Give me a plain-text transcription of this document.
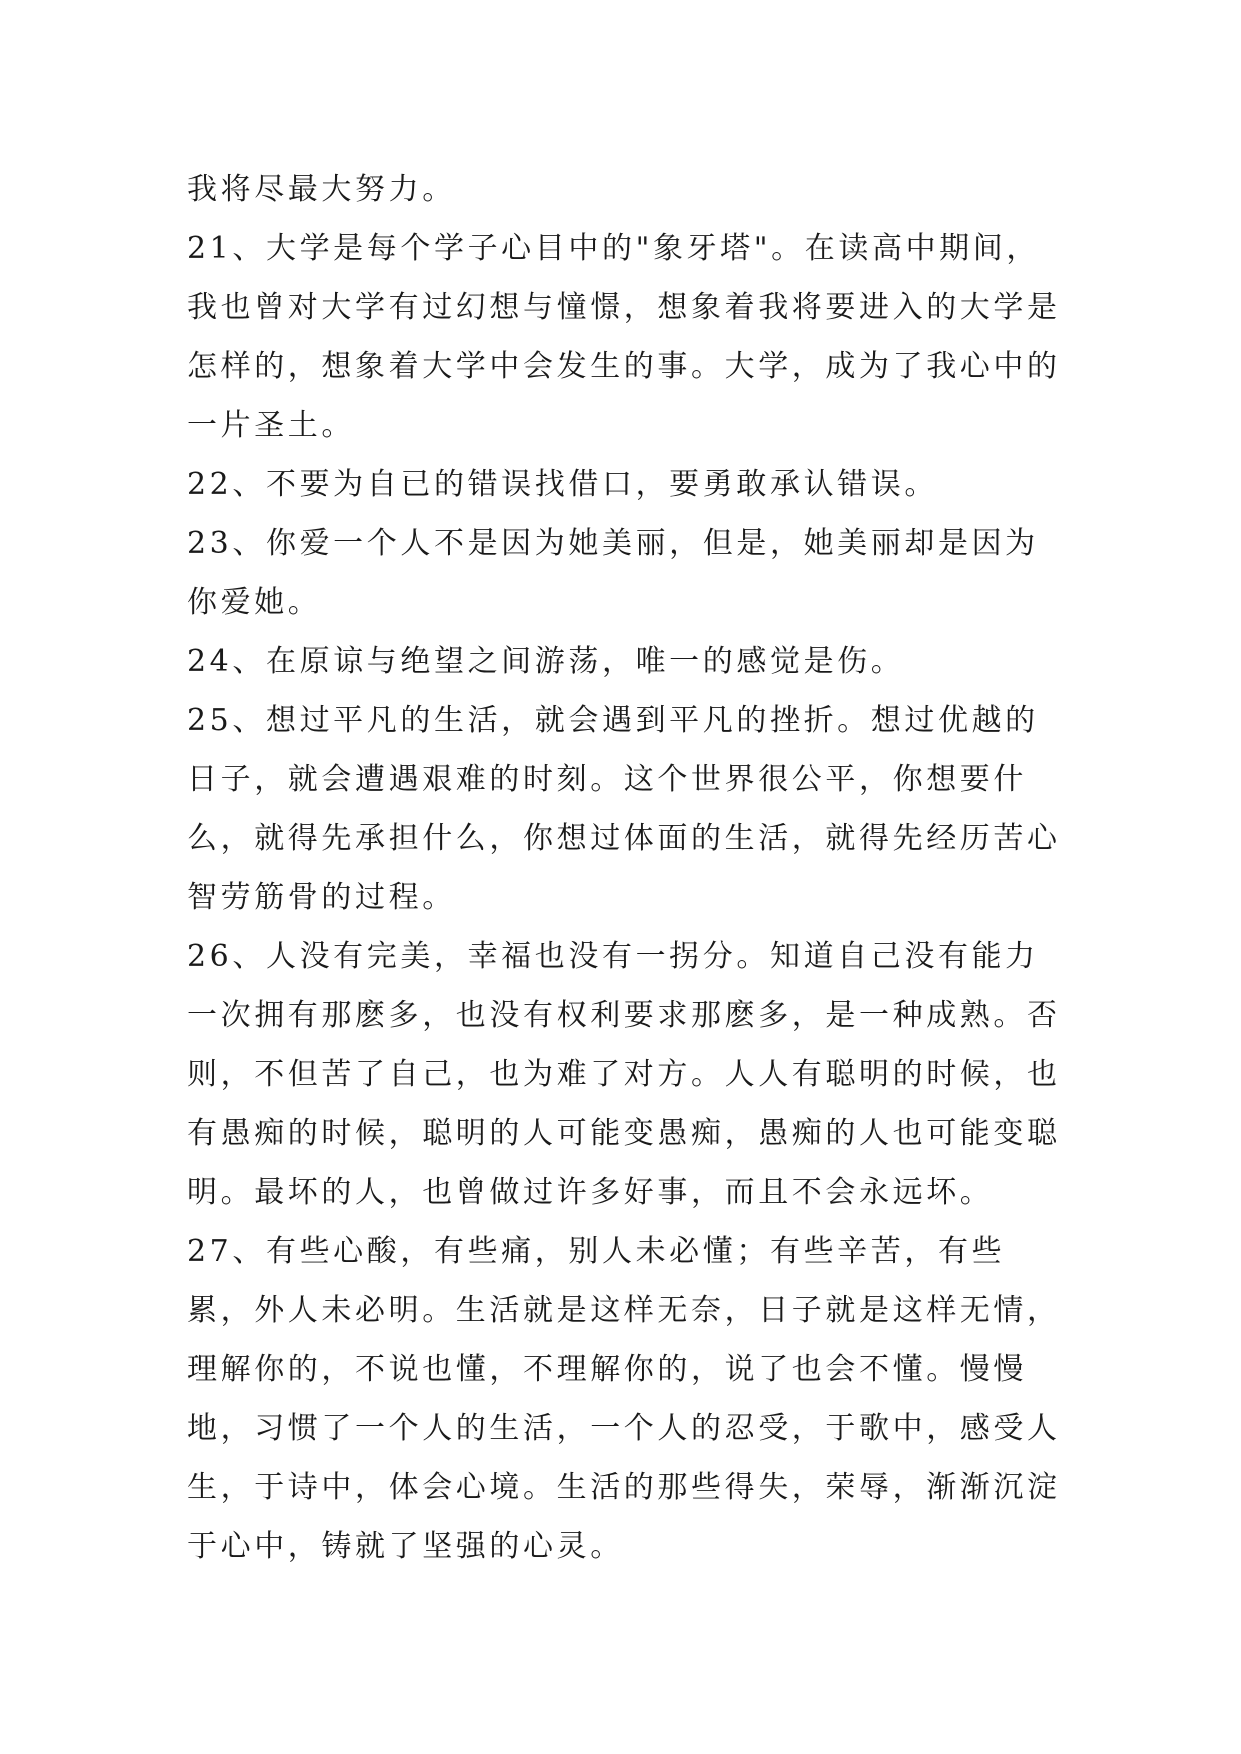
我将尽最大努力。

21、大学是每个学子心目中的"象牙塔"。在读高中期间，我也曾对大学有过幻想与憧憬，想象着我将要进入的大学是怎样的，想象着大学中会发生的事。大学，成为了我心中的一片圣土。

22、不要为自已的错误找借口，要勇敢承认错误。

23、你爱一个人不是因为她美丽，但是，她美丽却是因为你爱她。

24、在原谅与绝望之间游荡，唯一的感觉是伤。

25、想过平凡的生活，就会遇到平凡的挫折。想过优越的日子，就会遭遇艰难的时刻。这个世界很公平，你想要什么，就得先承担什么，你想过体面的生活，就得先经历苦心智劳筋骨的过程。

26、人没有完美，幸福也没有一拐分。知道自己没有能力一次拥有那麽多，也没有权利要求那麽多，是一种成熟。否则，不但苦了自己，也为难了对方。人人有聪明的时候，也有愚痴的时候，聪明的人可能变愚痴，愚痴的人也可能变聪明。最坏的人，也曾做过许多好事，而且不会永远坏。

27、有些心酸，有些痛，别人未必懂；有些辛苦，有些累，外人未必明。生活就是这样无奈，日子就是这样无情，理解你的，不说也懂，不理解你的，说了也会不懂。慢慢地，习惯了一个人的生活，一个人的忍受，于歌中，感受人生，于诗中，体会心境。生活的那些得失，荣辱，渐渐沉淀于心中，铸就了坚强的心灵。
